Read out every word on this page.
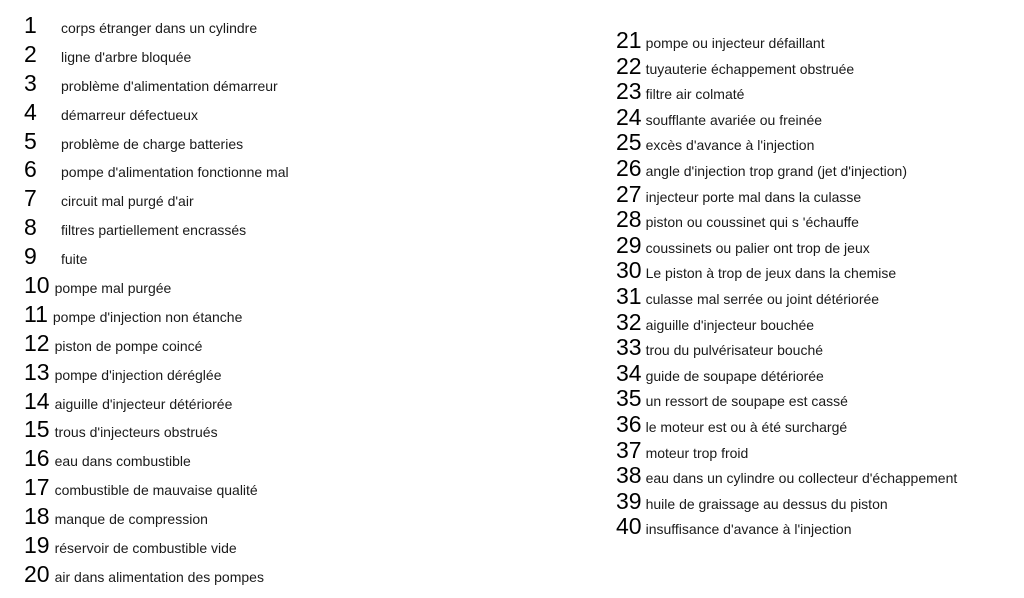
1	corps étranger dans un cylindre
2	ligne d'arbre bloquée
3	problème d'alimentation démarreur
4	démarreur défectueux
5	problème de charge batteries
6	pompe d'alimentation fonctionne mal
7	circuit mal purgé d'air
8	filtres partiellement encrassés
9	fuite
10 pompe mal purgée
11 pompe d'injection non étanche
12 piston de pompe coincé
13 pompe d'injection déréglée
14 aiguille d'injecteur détériorée
15 trous d'injecteurs obstrués
16 eau dans combustible
17 combustible de mauvaise qualité
18 manque de compression
19 réservoir de combustible vide
20 air dans alimentation des pompes
21 pompe ou injecteur défaillant
22 tuyauterie échappement obstruée
23 filtre air colmaté
24 soufflante avariée ou freinée
25 excès d'avance à l'injection
26 angle d'injection trop grand (jet d'injection)
27 injecteur porte mal dans la culasse
28 piston ou coussinet qui s 'échauffe
29 coussinets ou palier ont trop de jeux
30 Le piston à trop de jeux dans la chemise
31 culasse mal serrée ou joint détériorée
32 aiguille d'injecteur bouchée
33 trou du pulvérisateur bouché
34 guide de soupape détériorée
35 un ressort de soupape est cassé
36 le moteur est ou à été surchargé
37 moteur trop froid
38 eau dans un cylindre ou collecteur d'échappement
39 huile de graissage au dessus du piston
40 insuffisance d'avance à l'injection
